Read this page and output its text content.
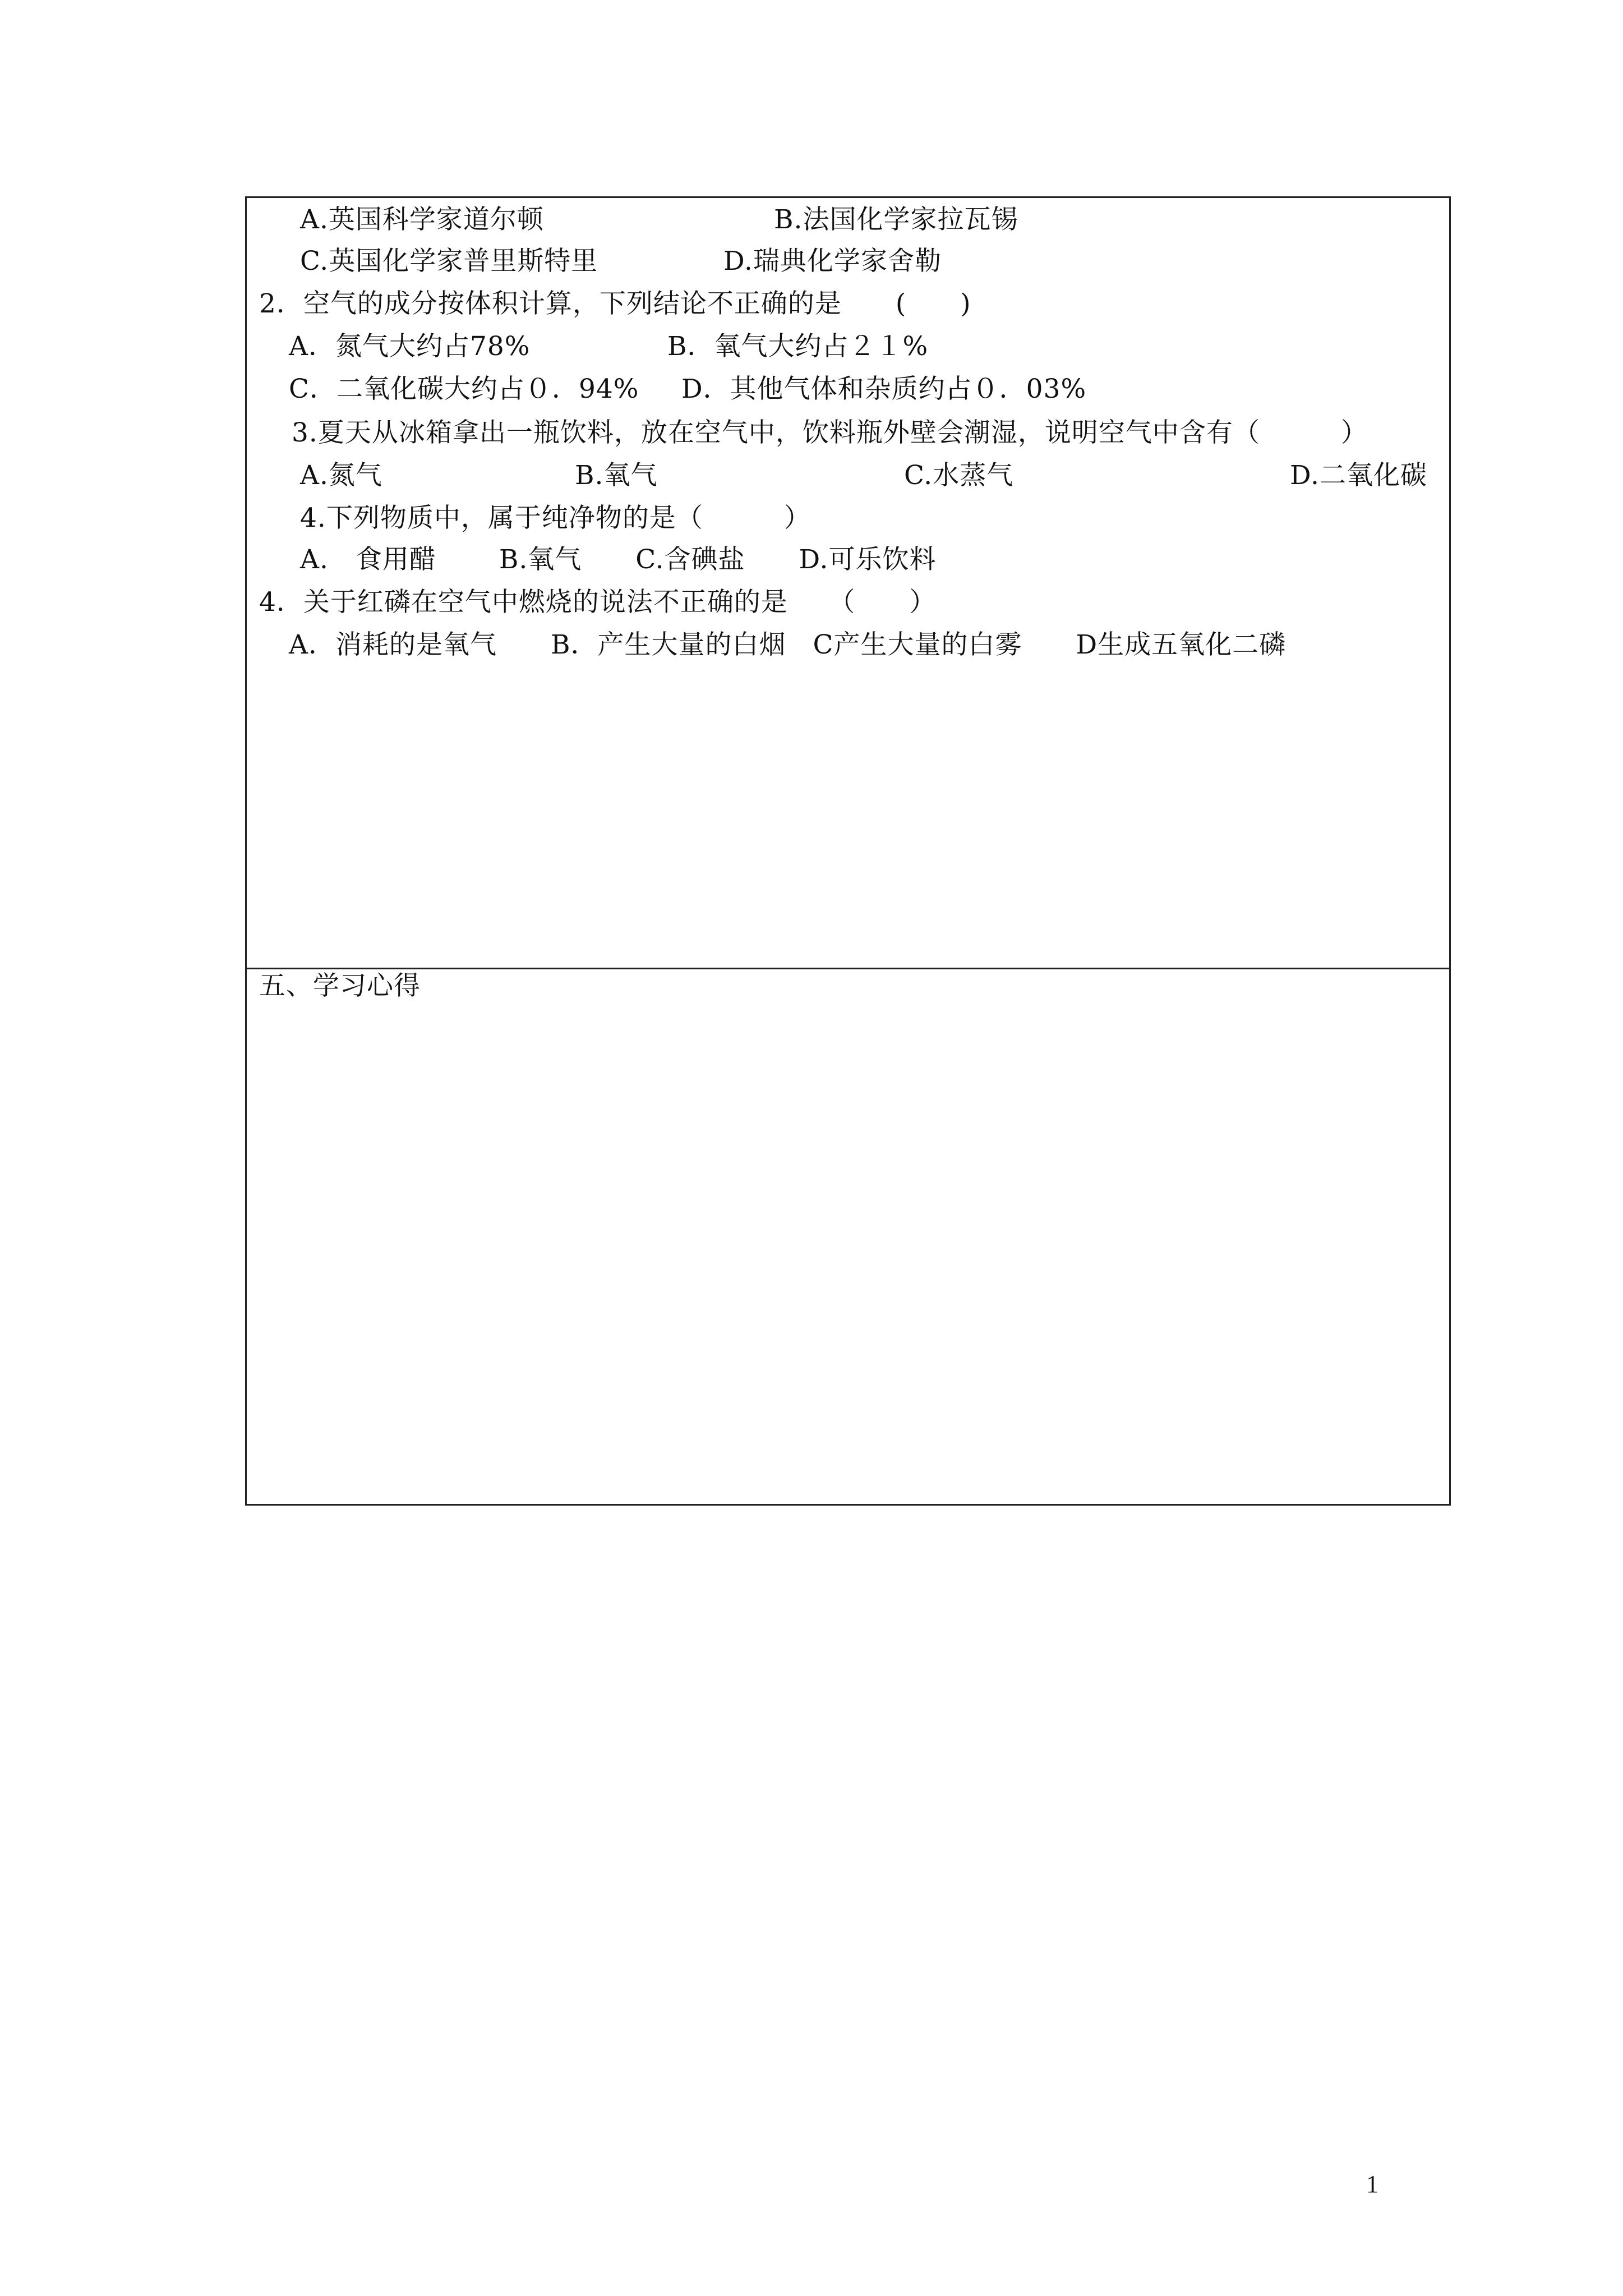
A.英国科学家道尔顿	B.法国化学家拉瓦锡
C.英国化学家普里斯特里	D.瑞典化学家舍勒
2．空气的成分按体积计算，下列结论不正确的是　　(　　)
A．氮气大约占78%	B．氧气大约占２１%
C．二氧化碳大约占０．94% D．其他气体和杂质约占０．03%
3.夏天从冰箱拿出一瓶饮料，放在空气中，饮料瓶外壁会潮湿，说明空气中含有（　　　）
A.氮气	B.氧气	C.水蒸气	D.二氧化碳
4.下列物质中，属于纯净物的是（　　　）
A.　食用醋　　 B.氧气　　C.含碘盐　　D.可乐饮料
4．关于红磷在空气中燃烧的说法不正确的是　　（　　）
A．消耗的是氧气　　B．产生大量的白烟　C产生大量的白雾　　D生成五氧化二磷
五、学习心得
1
